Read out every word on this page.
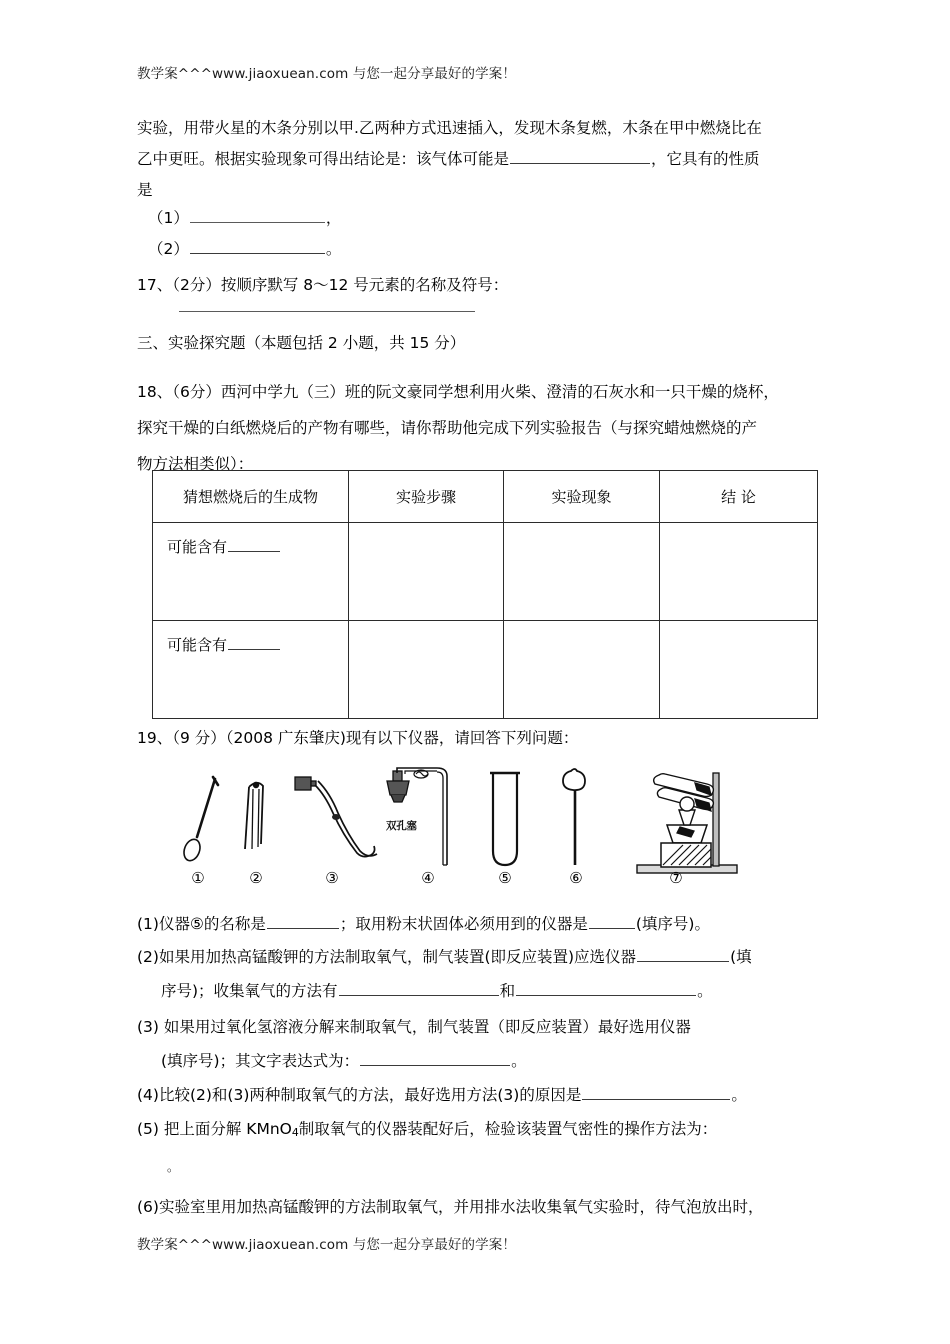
教学案^^^www.jiaoxuean.com 与您一起分享最好的学案！
实验，用带火星的木条分别以甲.乙两种方式迅速插入，发现木条复燃，木条在甲中燃烧比在
乙中更旺。根据实验现象可得出结论是：该气体可能是	，它具有的性质
是
（1）	，
（2）	。
17、（2分）按顺序默写 8～12 号元素的名称及符号：
三、实验探究题（本题包括 2 小题，共 15 分）
18、（6分）西河中学九（三）班的阮文豪同学想利用火柴、澄清的石灰水和一只干燥的烧杯，
探究干燥的白纸燃烧后的产物有哪些，请你帮助他完成下列实验报告（与探究蜡烛燃烧的产
物方法相类似）：
猜想燃烧后的生成物	实验步骤	实验现象	结 论
可能含有			
可能含有			
19、（9 分）（2008 广东肇庆)现有以下仪器，请回答下列问题：
双孔塞
①	②	③	④	⑤	⑥	⑦
(1)仪器⑤的名称是	；取用粉末状固体必须用到的仪器是	(填序号)。
(2)如果用加热高锰酸钾的方法制取氧气，制气装置(即反应装置)应选仪器	(填
序号)；收集氧气的方法有	和	。
(3) 如果用过氧化氢溶液分解来制取氧气，制气装置（即反应装置）最好选用仪器
(填序号)；其文字表达式为：	。
(4)比较(2)和(3)两种制取氧气的方法，最好选用方法(3)的原因是	。
(5) 把上面分解 KMnO$_4$制取氧气的仪器装配好后，检验该装置气密性的操作方法为：
。
(6)实验室里用加热高锰酸钾的方法制取氧气，并用排水法收集氧气实验时，待气泡放出时，
教学案^^^www.jiaoxuean.com 与您一起分享最好的学案！
